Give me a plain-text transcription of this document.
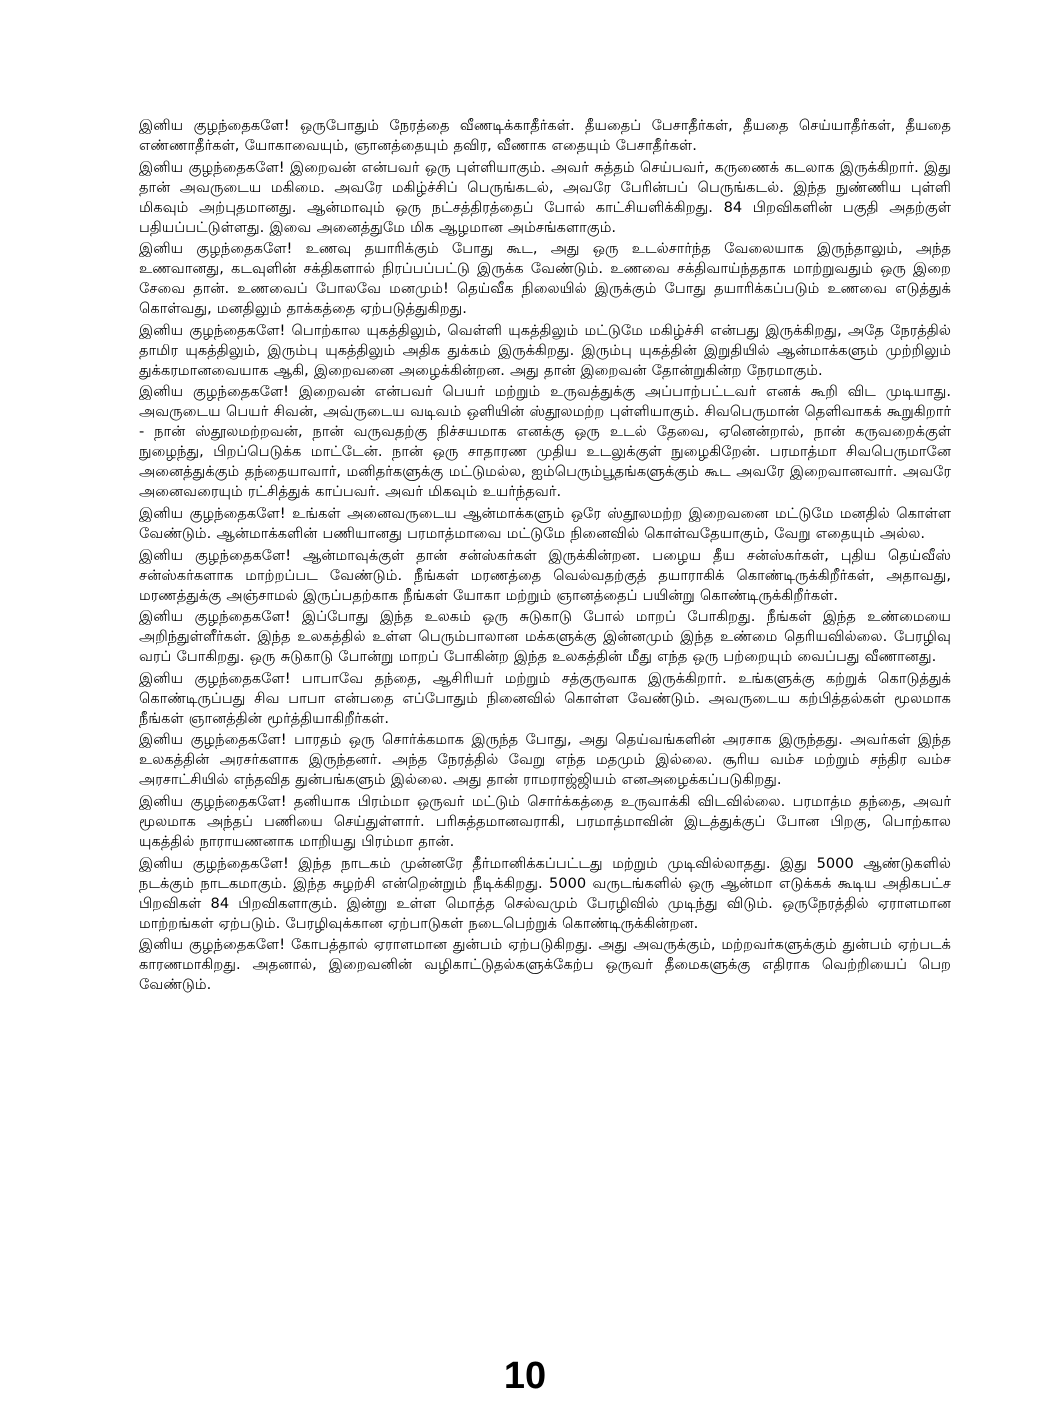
இனிய குழந்தைகளே! ஒருபோதும் நேரத்தை வீணடிக்காதீர்கள். தீயதைப் பேசாதீர்கள், தீயதை செய்யாதீர்கள், தீயதை எண்ணாதீர்கள், யோகாவையும், ஞானத்தையும் தவிர, வீணாக எதையும் பேசாதீர்கள்.

இனிய குழந்தைகளே! இறைவன் என்பவர் ஒரு புள்ளியாகும். அவர் சுத்தம் செய்பவர், கருணைக் கடலாக இருக்கிறார். இது தான் அவருடைய மகிமை. அவரே மகிழ்ச்சிப் பெருங்கடல், அவரே பேரின்பப் பெருங்கடல். இந்த நுண்ணிய புள்ளி மிகவும் அற்புதமானது. ஆன்மாவும் ஒரு நட்சத்திரத்தைப் போல் காட்சியளிக்கிறது. 84 பிறவிகளின் பகுதி அதற்குள் பதியப்பட்டுள்ளது. இவை அனைத்துமே மிக ஆழமான அம்சங்களாகும்.

இனிய குழந்தைகளே! உணவு தயாரிக்கும் போது கூட, அது ஒரு உடல்சார்ந்த வேலையாக இருந்தாலும், அந்த உணவானது, கடவுளின் சக்திகளால் நிரப்பப்பட்டு இருக்க வேண்டும். உணவை சக்திவாய்ந்ததாக மாற்றுவதும் ஒரு இறை சேவை தான். உணவைப் போலவே மனமும்! தெய்வீக நிலையில் இருக்கும் போது தயாரிக்கப்படும் உணவை எடுத்துக் கொள்வது, மனதிலும் தாக்கத்தை ஏற்படுத்துகிறது.

இனிய குழந்தைகளே! பொற்கால யுகத்திலும், வெள்ளி யுகத்திலும் மட்டுமே மகிழ்ச்சி என்பது இருக்கிறது, அதே நேரத்தில் தாமிர யுகத்திலும், இரும்பு யுகத்திலும் அதிக துக்கம் இருக்கிறது. இரும்பு யுகத்தின் இறுதியில் ஆன்மாக்களும் முற்றிலும் துக்கரமானவையாக ஆகி, இறைவனை அழைக்கின்றன. அது தான் இறைவன் தோன்றுகின்ற நேரமாகும்.

இனிய குழந்தைகளே! இறைவன் என்பவர் பெயர் மற்றும் உருவத்துக்கு அப்பாற்பட்டவர் எனக் கூறி விட முடியாது. அவருடைய பெயர் சிவன், அவ்ருடைய வடிவம் ஒளியின் ஸ்தூலமற்ற புள்ளியாகும். சிவபெருமான் தெளிவாகக் கூறுகிறார் - நான் ஸ்தூலமற்றவன், நான் வருவதற்கு நிச்சயமாக எனக்கு ஒரு உடல் தேவை, ஏனென்றால், நான் கருவறைக்குள் நுழைந்து, பிறப்பெடுக்க மாட்டேன். நான் ஒரு சாதாரண முதிய உடலுக்குள் நுழைகிறேன். பரமாத்மா சிவபெருமானே அனைத்துக்கும் தந்தையாவார், மனிதர்களுக்கு மட்டுமல்ல, ஐம்பெரும்பூதங்களுக்கும் கூட அவரே இறைவானவார். அவரே அனைவரையும் ரட்சித்துக் காப்பவர். அவர் மிகவும் உயர்ந்தவர்.

இனிய குழந்தைகளே! உங்கள் அனைவருடைய ஆன்மாக்களும் ஒரே ஸ்தூலமற்ற இறைவனை மட்டுமே மனதில் கொள்ள வேண்டும். ஆன்மாக்களின் பணியானது பரமாத்மாவை மட்டுமே நினைவில் கொள்வதேயாகும், வேறு எதையும் அல்ல.

இனிய குழந்தைகளே! ஆன்மாவுக்குள் தான் சன்ஸ்கர்கள் இருக்கின்றன. பழைய தீய சன்ஸ்கர்கள், புதிய தெய்வீஸ் சன்ஸ்கர்களாக மாற்றப்பட வேண்டும். நீங்கள் மரணத்தை வெல்வதற்குத் தயாராகிக் கொண்டிருக்கிறீர்கள், அதாவது, மரணத்துக்கு அஞ்சாமல் இருப்பதற்காக நீங்கள் யோகா மற்றும் ஞானத்தைப் பயின்று கொண்டிருக்கிறீர்கள்.

இனிய குழந்தைகளே! இப்போது இந்த உலகம் ஒரு சுடுகாடு போல் மாறப் போகிறது. நீங்கள் இந்த உண்மையை அறிந்துள்ளீர்கள். இந்த உலகத்தில் உள்ள பெரும்பாலான மக்களுக்கு இன்னமும் இந்த உண்மை தெரியவில்லை. பேரழிவு வரப் போகிறது. ஒரு சுடுகாடு போன்று மாறப் போகின்ற இந்த உலகத்தின் மீது எந்த ஒரு பற்றையும் வைப்பது வீணானது.

இனிய குழந்தைகளே! பாபாவே தந்தை, ஆசிரியர் மற்றும் சத்குருவாக இருக்கிறார். உங்களுக்கு கற்றுக் கொடுத்துக் கொண்டிருப்பது சிவ பாபா என்பதை எப்போதும் நினைவில் கொள்ள வேண்டும். அவருடைய கற்பித்தல்கள் மூலமாக நீங்கள் ஞானத்தின் மூர்த்தியாகிறீர்கள்.

இனிய குழந்தைகளே! பாரதம் ஒரு சொர்க்கமாக இருந்த போது, அது தெய்வங்களின் அரசாக இருந்தது. அவர்கள் இந்த உலகத்தின் அரசர்களாக இருந்தனர். அந்த நேரத்தில் வேறு எந்த மதமும் இல்லை. சூரிய வம்ச மற்றும் சந்திர வம்ச அரசாட்சியில் எந்தவித துன்பங்களும் இல்லை. அது தான் ராமராஜ்ஜியம் எனஅழைக்கப்படுகிறது.

இனிய குழந்தைகளே! தனியாக பிரம்மா ஒருவர் மட்டும் சொர்க்கத்தை உருவாக்கி விடவில்லை. பரமாத்ம தந்தை, அவர் மூலமாக அந்தப் பணியை செய்துள்ளார். பரிசுத்தமானவராகி, பரமாத்மாவின் இடத்துக்குப் போன பிறகு, பொற்கால யுகத்தில் நாராயணனாக மாறியது பிரம்மா தான்.

இனிய குழந்தைகளே! இந்த நாடகம் முன்னரே தீர்மானிக்கப்பட்டது மற்றும் முடிவில்லாதது. இது 5000 ஆண்டுகளில் நடக்கும் நாடகமாகும். இந்த சுழற்சி என்றென்றும் நீடிக்கிறது. 5000 வருடங்களில் ஒரு ஆன்மா எடுக்கக் கூடிய அதிகபட்ச பிறவிகள் 84 பிறவிகளாகும். இன்று உள்ள மொத்த செல்வமும் பேரழிவில் முடிந்து விடும். ஒருநேரத்தில் ஏராளமான மாற்றங்கள் ஏற்படும். பேரழிவுக்கான ஏற்பாடுகள் நடைபெற்றுக் கொண்டிருக்கின்றன.

இனிய குழந்தைகளே! கோபத்தால் ஏராளமான துன்பம் ஏற்படுகிறது. அது அவருக்கும், மற்றவர்களுக்கும் துன்பம் ஏற்படக் காரணமாகிறது. அதனால், இறைவனின் வழிகாட்டுதல்களுக்கேற்ப ஒருவர் தீமைகளுக்கு எதிராக வெற்றியைப் பெற வேண்டும்.

10
